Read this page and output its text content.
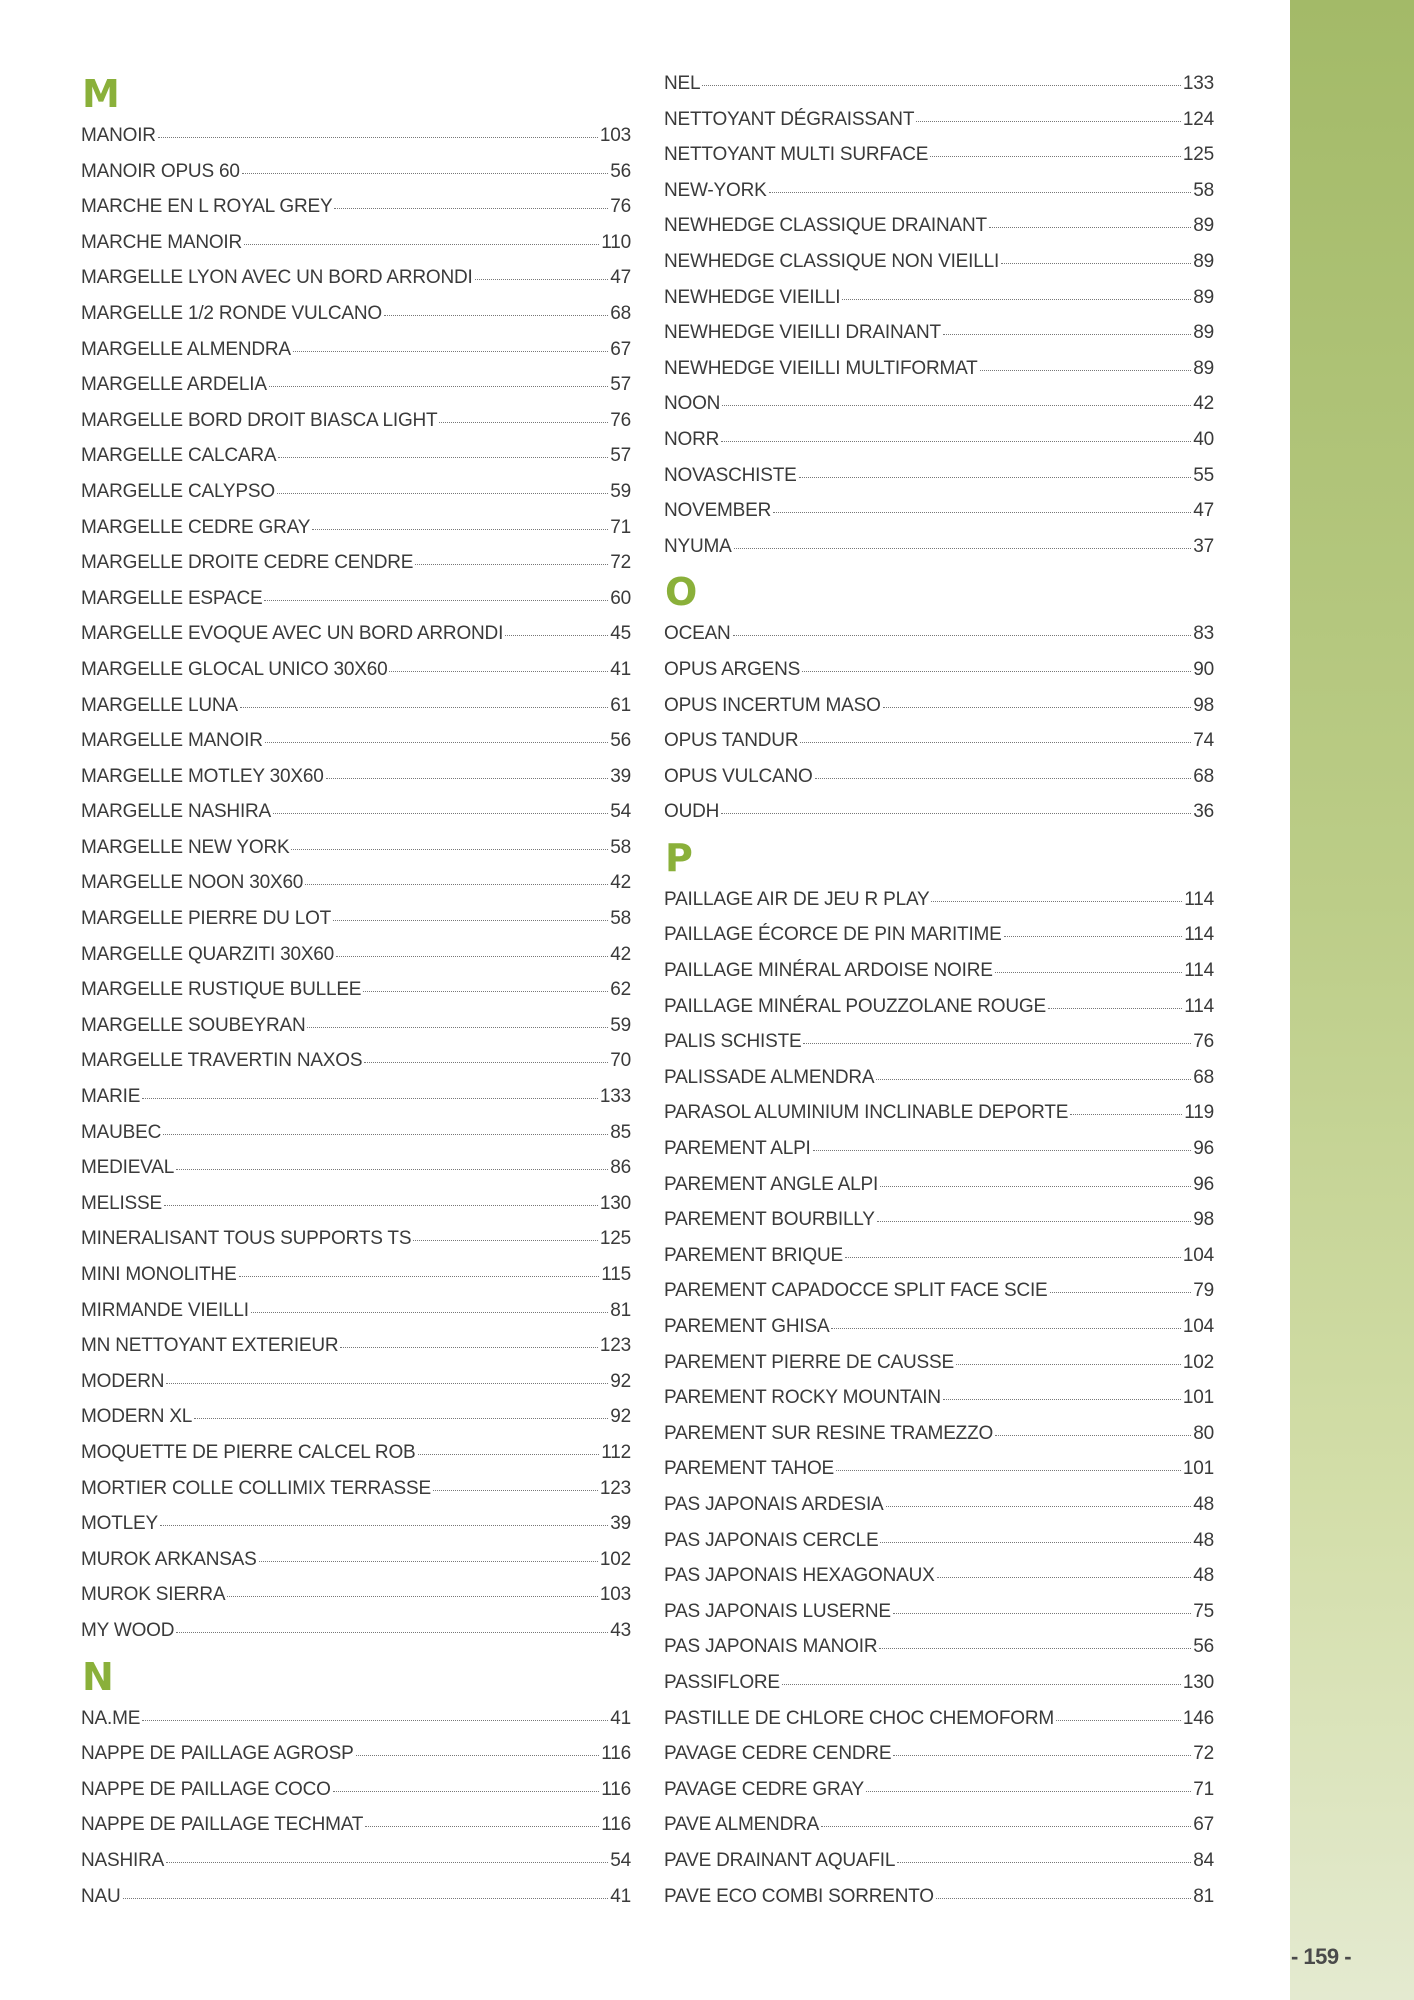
M
MANOIR	103
MANOIR OPUS 60	56
MARCHE EN L ROYAL GREY	76
MARCHE MANOIR	110
MARGELLE LYON AVEC UN BORD ARRONDI	47
MARGELLE 1/2 RONDE VULCANO	68
MARGELLE ALMENDRA	67
MARGELLE ARDELIA	57
MARGELLE BORD DROIT BIASCA LIGHT	76
MARGELLE CALCARA	57
MARGELLE CALYPSO	59
MARGELLE CEDRE GRAY	71
MARGELLE DROITE CEDRE CENDRE	72
MARGELLE ESPACE	60
MARGELLE EVOQUE AVEC UN BORD ARRONDI	45
MARGELLE GLOCAL UNICO 30X60	41
MARGELLE LUNA	61
MARGELLE MANOIR	56
MARGELLE MOTLEY 30X60	39
MARGELLE NASHIRA	54
MARGELLE NEW YORK	58
MARGELLE NOON 30X60	42
MARGELLE PIERRE DU LOT	58
MARGELLE QUARZITI 30X60	42
MARGELLE RUSTIQUE BULLEE	62
MARGELLE SOUBEYRAN	59
MARGELLE TRAVERTIN NAXOS	70
MARIE	133
MAUBEC	85
MEDIEVAL	86
MELISSE	130
MINERALISANT TOUS SUPPORTS TS	125
MINI MONOLITHE	115
MIRMANDE VIEILLI	81
MN NETTOYANT EXTERIEUR	123
MODERN	92
MODERN XL	92
MOQUETTE DE PIERRE CALCEL ROB	112
MORTIER COLLE COLLIMIX TERRASSE	123
MOTLEY	39
MUROK ARKANSAS	102
MUROK SIERRA	103
MY WOOD	43
N
NA.ME	41
NAPPE DE PAILLAGE AGROSP	116
NAPPE DE PAILLAGE COCO	116
NAPPE DE PAILLAGE TECHMAT	116
NASHIRA	54
NAU	41
NEL	133
NETTOYANT DÉGRAISSANT	124
NETTOYANT MULTI SURFACE	125
NEW-YORK	58
NEWHEDGE CLASSIQUE DRAINANT	89
NEWHEDGE CLASSIQUE NON VIEILLI	89
NEWHEDGE VIEILLI	89
NEWHEDGE VIEILLI DRAINANT	89
NEWHEDGE VIEILLI MULTIFORMAT	89
NOON	42
NORR	40
NOVASCHISTE	55
NOVEMBER	47
NYUMA	37
O
OCEAN	83
OPUS ARGENS	90
OPUS INCERTUM MASO	98
OPUS TANDUR	74
OPUS VULCANO	68
OUDH	36
P
PAILLAGE AIR DE JEU R PLAY	114
PAILLAGE ÉCORCE DE PIN MARITIME	114
PAILLAGE MINÉRAL ARDOISE NOIRE	114
PAILLAGE MINÉRAL POUZZOLANE ROUGE	114
PALIS SCHISTE	76
PALISSADE ALMENDRA	68
PARASOL ALUMINIUM INCLINABLE DEPORTE	119
PAREMENT ALPI	96
PAREMENT ANGLE ALPI	96
PAREMENT BOURBILLY	98
PAREMENT BRIQUE	104
PAREMENT CAPADOCCE SPLIT FACE SCIE	79
PAREMENT GHISA	104
PAREMENT PIERRE DE CAUSSE	102
PAREMENT ROCKY MOUNTAIN	101
PAREMENT SUR RESINE TRAMEZZO	80
PAREMENT TAHOE	101
PAS JAPONAIS ARDESIA	48
PAS JAPONAIS CERCLE	48
PAS JAPONAIS HEXAGONAUX	48
PAS JAPONAIS LUSERNE	75
PAS JAPONAIS MANOIR	56
PASSIFLORE	130
PASTILLE DE CHLORE CHOC CHEMOFORM	146
PAVAGE CEDRE CENDRE	72
PAVAGE CEDRE GRAY	71
PAVE ALMENDRA	67
PAVE DRAINANT AQUAFIL	84
PAVE ECO COMBI SORRENTO	81
- 159 -
